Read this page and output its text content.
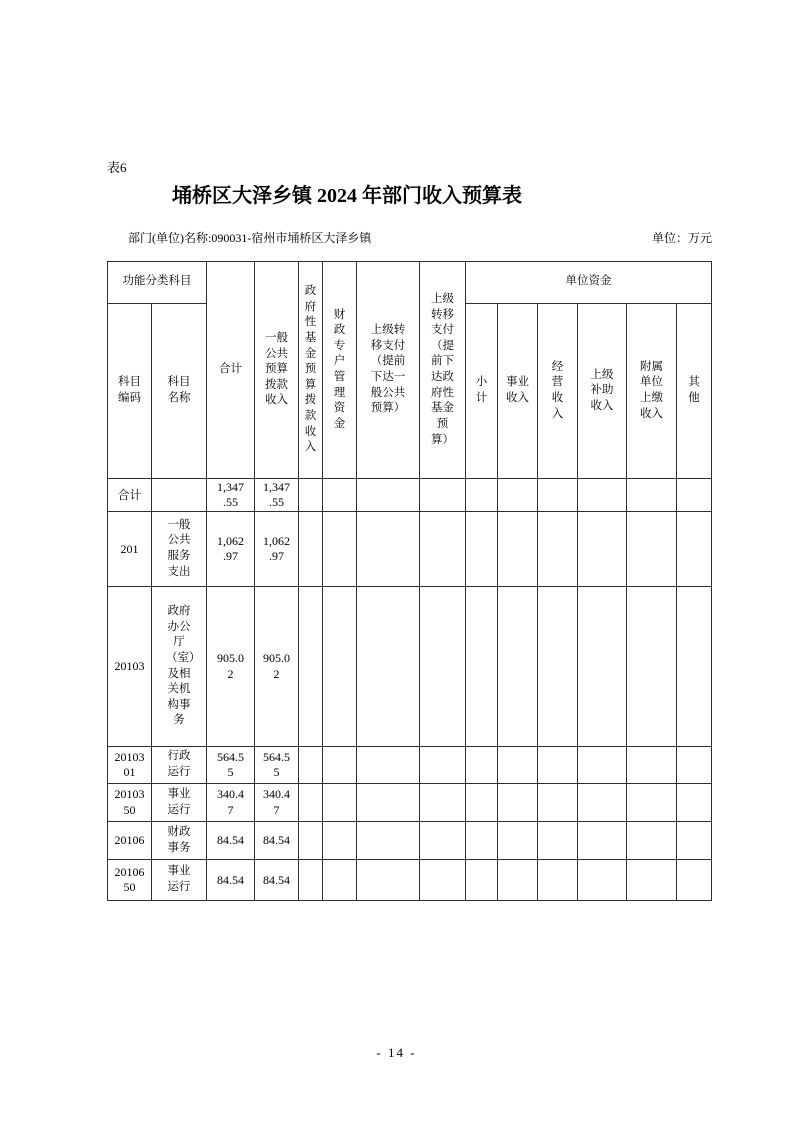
表6
埇桥区大泽乡镇 2024 年部门收入预算表
部门(单位)名称:090031-宿州市埇桥区大泽乡镇	单位：万元
功能分类科目		合计	一般公共预算拨款收入	政府性基金预算拨款收入	财政专户管理资金	上级转移支付（提前下达一般公共预算）	上级转移支付（提前下达政府性基金预算）	单位资金					
科目编码	科目名称							小计	事业收入	经营收入	上级补助收入	附属单位上缴收入	其他
合计		1,347.55	1,347.55										
201	一般公共服务支出	1,062.97	1,062.97										
20103	政府办公厅（室）及相关机构事务	905.02	905.02										
2010301	行政运行	564.55	564.55										
2010350	事业运行	340.47	340.47										
20106	财政事务	84.54	84.54										
2010650	事业运行	84.54	84.54										
- 14 -
